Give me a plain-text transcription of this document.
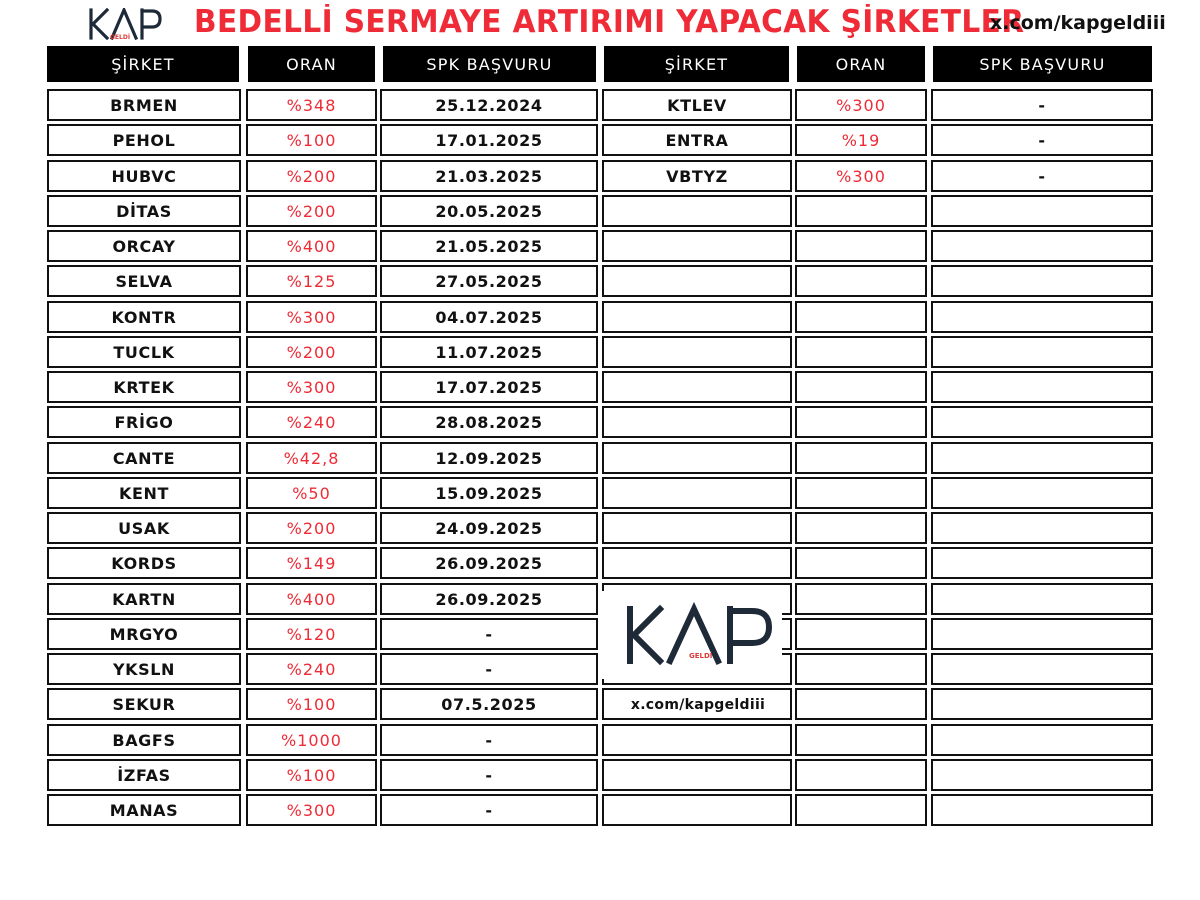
GELDİ BEDELLİ SERMAYE ARTIRIMI YAPACAK ŞİRKETLER
x.com/kapgeldiii
ŞİRKET	ORAN	SPK BAŞVURU	ŞİRKET	ORAN	SPK BAŞVURU
BRMEN	%348	25.12.2024	KTLEV	%300	-
PEHOL	%100	17.01.2025	ENTRA	%19	-
HUBVC	%200	21.03.2025	VBTYZ	%300	-
DİTAS	%200	20.05.2025
ORCAY	%400	21.05.2025
SELVA	%125	27.05.2025
KONTR	%300	04.07.2025
TUCLK	%200	11.07.2025
KRTEK	%300	17.07.2025
FRİGO	%240	28.08.2025
CANTE	%42,8	12.09.2025
KENT	%50	15.09.2025
USAK	%200	24.09.2025
KORDS	%149	26.09.2025
KARTN	%400	26.09.2025
MRGYO	%120	-
YKSLN	%240	-
SEKUR	%100	07.5.2025
BAGFS	%1000	-
İZFAS	%100	-
MANAS	%300	-
GELDİ
x.com/kapgeldiii
